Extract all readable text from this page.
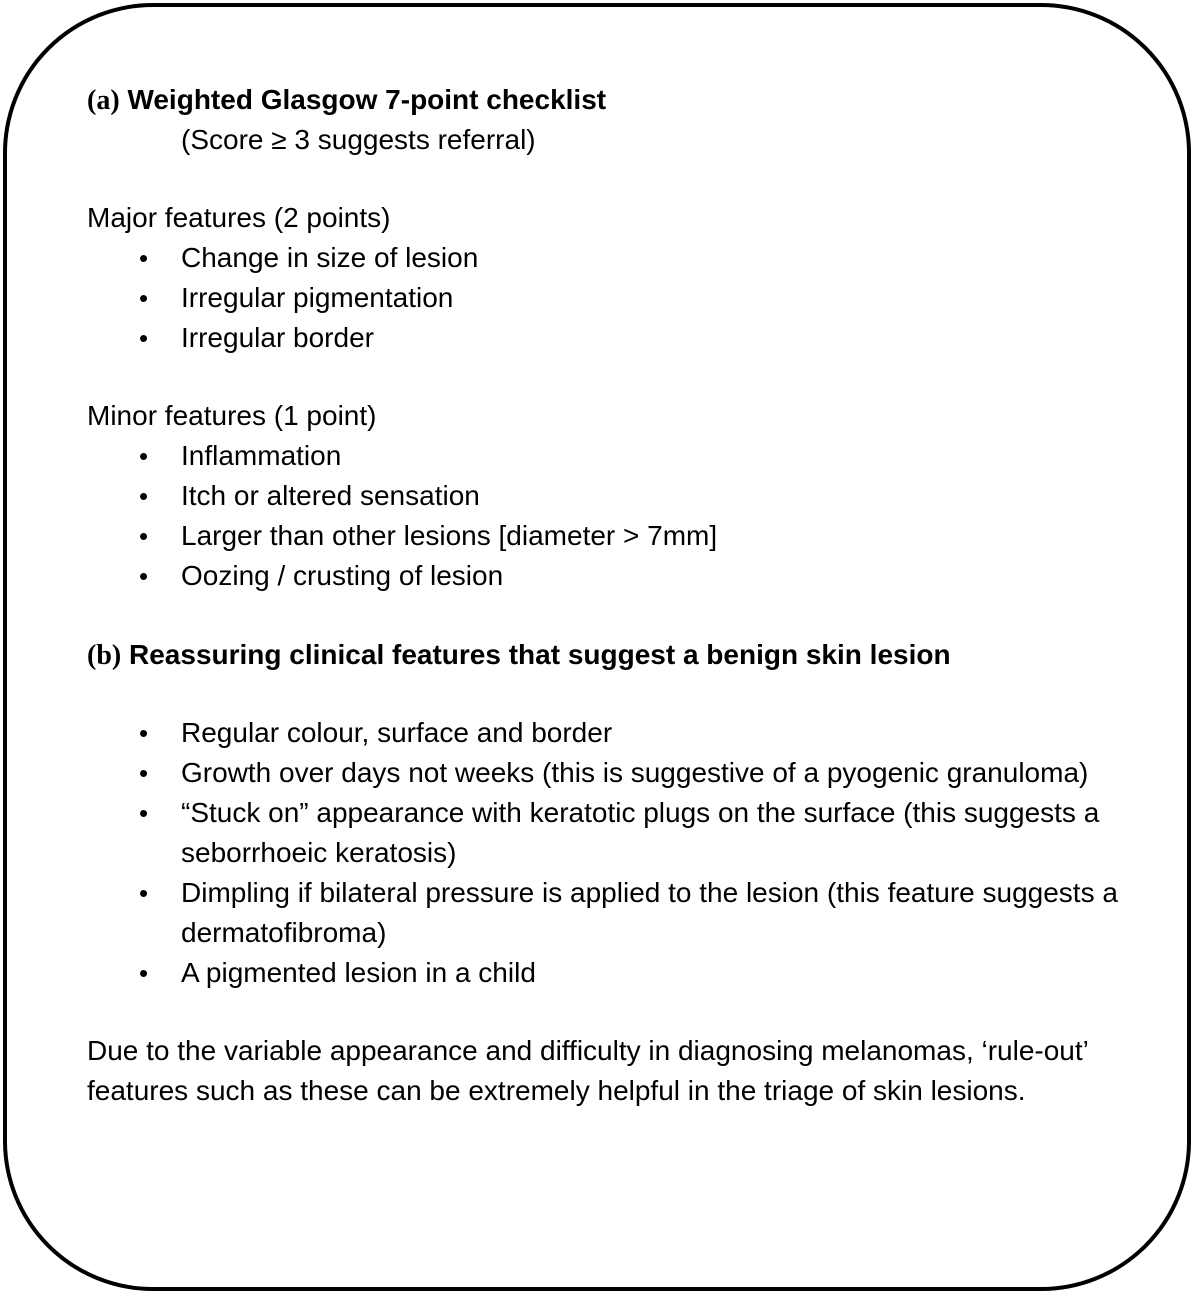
(a) Weighted Glasgow 7-point checklist
(Score ≥ 3 suggests referral)
Major features (2 points)
• Change in size of lesion
• Irregular pigmentation
• Irregular border
Minor features (1 point)
• Inflammation
• Itch or altered sensation
• Larger than other lesions [diameter > 7mm]
• Oozing / crusting of lesion
(b) Reassuring clinical features that suggest a benign skin lesion
• Regular colour, surface and border
• Growth over days not weeks (this is suggestive of a pyogenic granuloma)
• “Stuck on” appearance with keratotic plugs on the surface (this suggests a seborrhoeic keratosis)
• Dimpling if bilateral pressure is applied to the lesion (this feature suggests a dermatofibroma)
• A pigmented lesion in a child
Due to the variable appearance and difficulty in diagnosing melanomas, ‘rule-out’ features such as these can be extremely helpful in the triage of skin lesions.
